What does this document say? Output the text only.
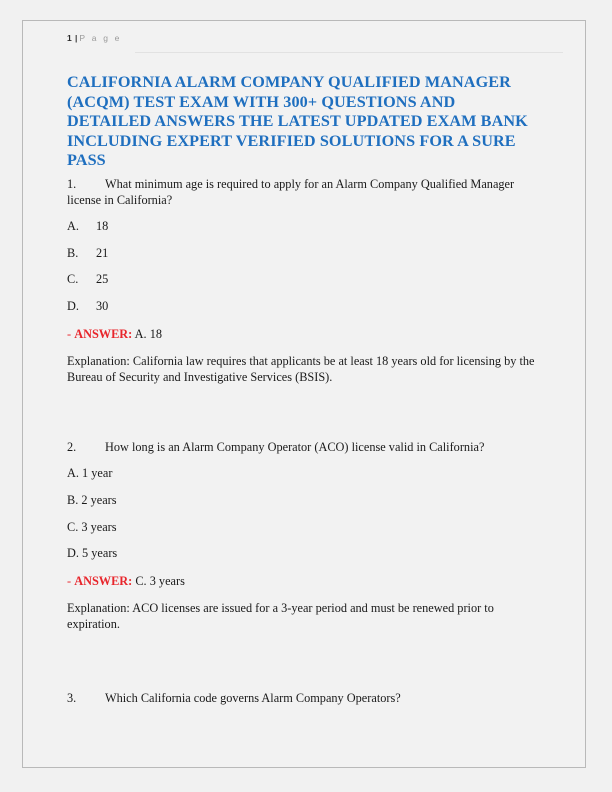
1 | P a g e
CALIFORNIA ALARM COMPANY QUALIFIED MANAGER (ACQM) TEST EXAM WITH 300+ QUESTIONS AND DETAILED ANSWERS THE LATEST UPDATED EXAM BANK INCLUDING EXPERT VERIFIED SOLUTIONS FOR A SURE PASS

1. What minimum age is required to apply for an Alarm Company Qualified Manager license in California?

A. 18

B. 21

C. 25

D. 30

- ANSWER: A. 18

Explanation: California law requires that applicants be at least 18 years old for licensing by the Bureau of Security and Investigative Services (BSIS).

2. How long is an Alarm Company Operator (ACO) license valid in California?

A. 1 year

B. 2 years

C. 3 years

D. 5 years

- ANSWER: C. 3 years

Explanation: ACO licenses are issued for a 3-year period and must be renewed prior to expiration.

3. Which California code governs Alarm Company Operators?
